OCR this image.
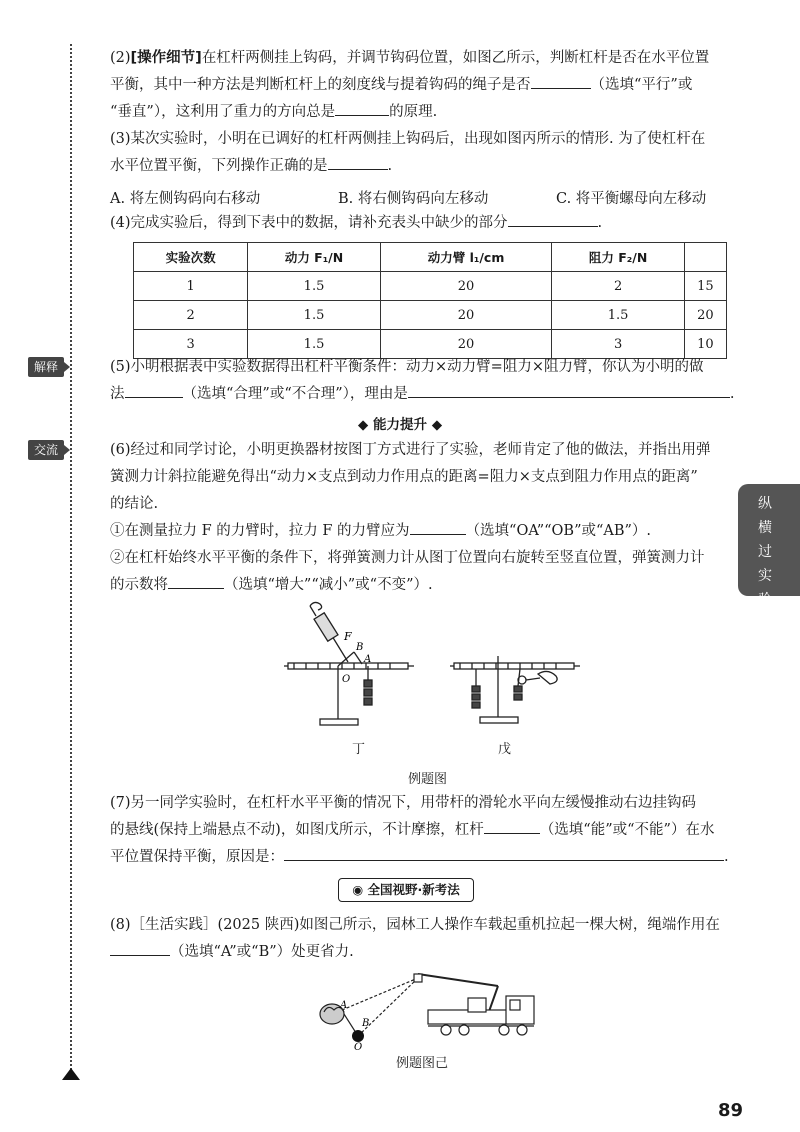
(2)[操作细节]在杠杆两侧挂上钩码，并调节钩码位置，如图乙所示，判断杠杆是否在水平位置
平衡，其中一种方法是判断杠杆上的刻度线与提着钩码的绳子是否	（选填“平行”或
“垂直”），这利用了重力的方向总是	的原理.
(3)某次实验时，小明在已调好的杠杆两侧挂上钩码后，出现如图丙所示的情形. 为了使杠杆在
水平位置平衡，下列操作正确的是	.
A. 将左侧钩码向右移动	B. 将右侧钩码向左移动	C. 将平衡螺母向左移动
(4)完成实验后，得到下表中的数据，请补充表头中缺少的部分	.
实验次数	动力 F₁/N	动力臂 l₁/cm	阻力 F₂/N	
1	1.5	20	2	15
2	1.5	20	1.5	20
3	1.5	20	3	10
解释	(5)小明根据表中实验数据得出杠杆平衡条件：动力×动力臂=阻力×阻力臂，你认为小明的做
法	（选填“合理”或“不合理”），理由是	.
◆ 能力提升 ◆
交流	(6)经过和同学讨论，小明更换器材按图丁方式进行了实验，老师肯定了他的做法，并指出用弹
簧测力计斜拉能避免得出“动力×支点到动力作用点的距离=阻力×支点到阻力作用点的距离”
的结论.
①在测量拉力 F 的力臂时，拉力 F 的力臂应为	（选填“OA”“OB”或“AB”）.
②在杠杆始终水平平衡的条件下，将弹簧测力计从图丁位置向右旋转至竖直位置，弹簧测力计
的示数将	（选填“增大”“减小”或“不变”）.
纵横过实验
F
B
A
O
丁	戊
例题图
(7)另一同学实验时，在杠杆水平平衡的情况下，用带杆的滑轮水平向左缓慢推动右边挂钩码
的悬线(保持上端悬点不动)，如图戊所示，不计摩擦，杠杆	（选填“能”或“不能”）在水
平位置保持平衡，原因是：	.
◉ 全国视野·新考法
(8)［生活实践］(2025 陕西)如图己所示，园林工人操作车载起重机拉起一棵大树，绳端作用在
（选填“A”或“B”）处更省力.
A
B
O
例题图己
89
